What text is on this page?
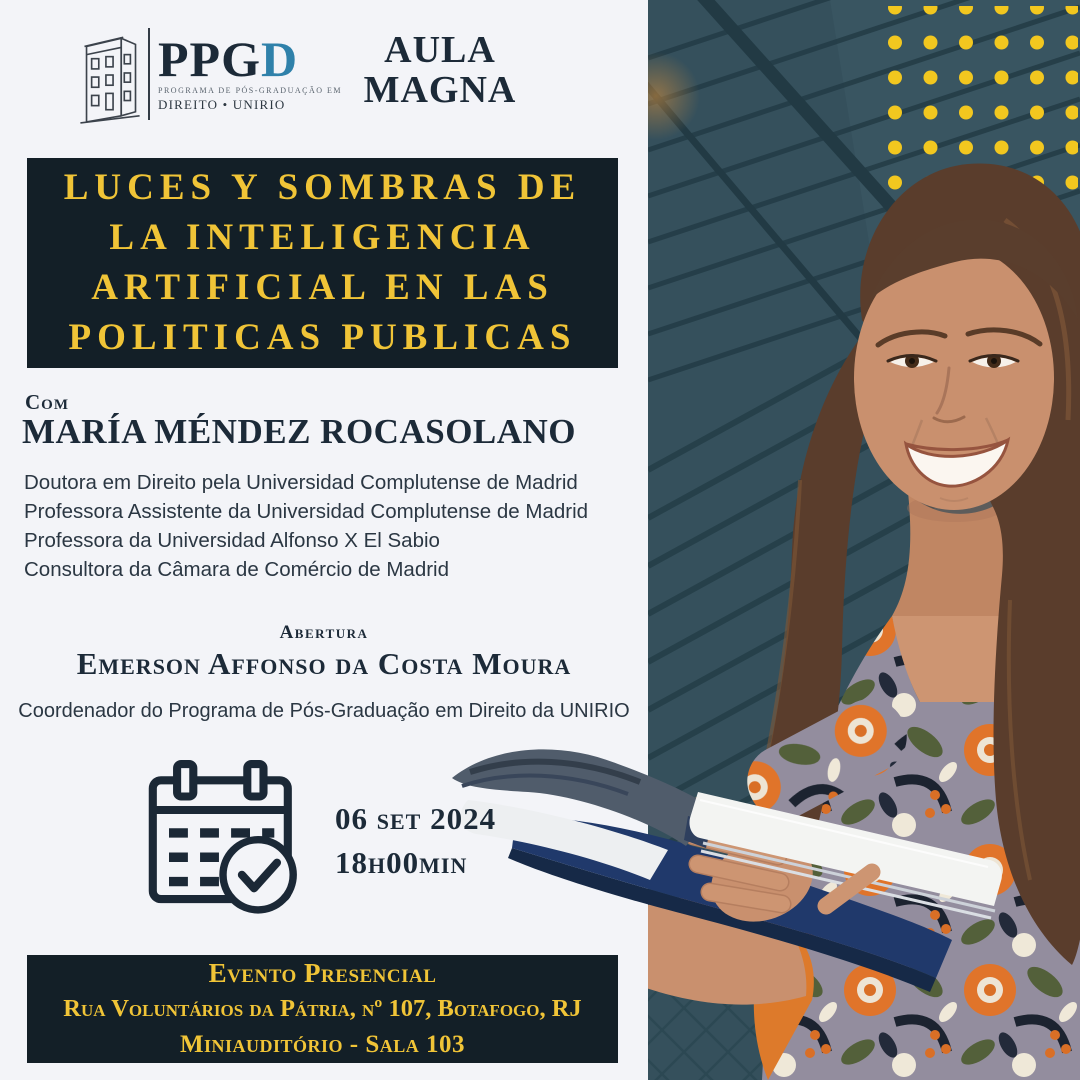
PPGD
PROGRAMA DE PÓS-GRADUAÇÃO EM
DIREITO • UNIRIO
AULA
MAGNA
LUCES Y SOMBRAS DE
LA INTELIGENCIA
ARTIFICIAL EN LAS
POLITICAS PUBLICAS
Com
MARÍA MÉNDEZ ROCASOLANO
Doutora em Direito pela Universidad Complutense de Madrid
Professora Assistente da Universidad Complutense de Madrid
Professora da Universidad Alfonso X El Sabio
Consultora da Câmara de Comércio de Madrid
Abertura
Emerson Affonso da Costa Moura
Coordenador do Programa de Pós-Graduação em Direito da UNIRIO
06 set 2024
18h00min
Evento Presencial
Rua Voluntários da Pátria, nº 107, Botafogo, RJ
Miniauditório - Sala 103
